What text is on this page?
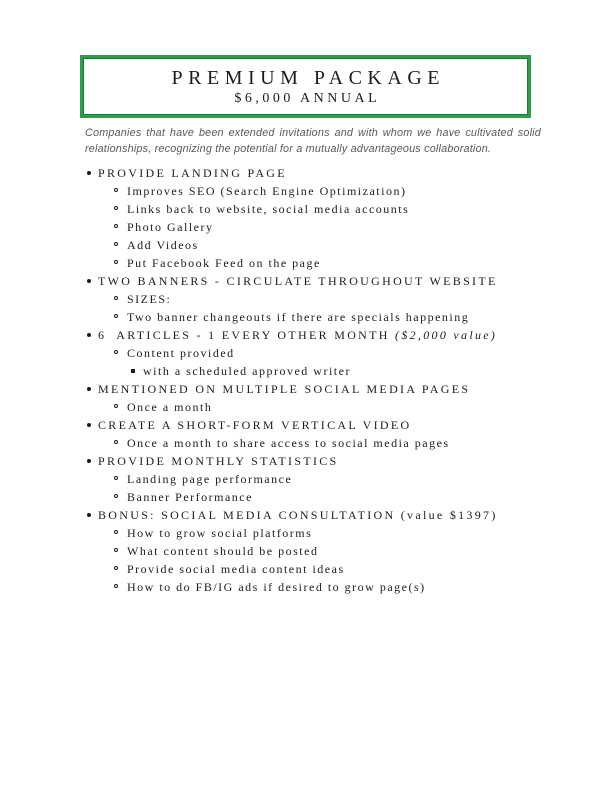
PREMIUM PACKAGE
$6,000 ANNUAL

Companies that have been extended invitations and with whom we have cultivated solid relationships, recognizing the potential for a mutually advantageous collaboration.

PROVIDE LANDING PAGE
Improves SEO (Search Engine Optimization)
Links back to website, social media accounts
Photo Gallery
Add Videos
Put Facebook Feed on the page
TWO BANNERS - CIRCULATE THROUGHOUT WEBSITE
SIZES:
Two banner changeouts if there are specials happening
6  ARTICLES - 1 EVERY OTHER MONTH ($2,000 value)
Content provided
with a scheduled approved writer
MENTIONED ON MULTIPLE SOCIAL MEDIA PAGES
Once a month
CREATE A SHORT-FORM VERTICAL VIDEO
Once a month to share access to social media pages
PROVIDE MONTHLY STATISTICS
Landing page performance
Banner Performance
BONUS: SOCIAL MEDIA CONSULTATION (value $1397)
How to grow social platforms
What content should be posted
Provide social media content ideas
How to do FB/IG ads if desired to grow page(s)
